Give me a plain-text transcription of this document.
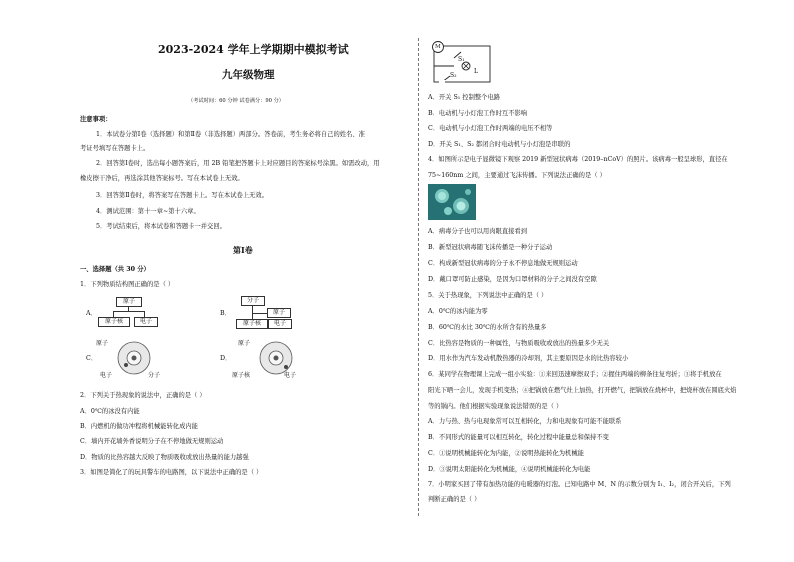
2023-2024 学年上学期期中模拟考试
九年级物理
（考试时间：60 分钟 试卷满分：90 分）
注意事项：
1．本试卷分第Ⅰ卷（选择题）和第Ⅱ卷（非选择题）两部分。答卷前，考生务必将自己的姓名、准
考证号填写在答题卡上。
2．回答第Ⅰ卷时，选出每小题答案后，用 2B 铅笔把答题卡上对应题目的答案标号涂黑。如需改动，用
橡皮擦干净后，再选涂其他答案标号。写在本试卷上无效。
3．回答第Ⅱ卷时，将答案写在答题卡上。写在本试卷上无效。
4．测试范围：第十一章~第十六章。
5．考试结束后，将本试卷和答题卡一并交回。
第Ⅰ卷
一、选择题（共 30 分）
1．下列物质结构图正确的是（ ）
A．
原子
原子核	电子
B．
分子
原子
原子核	电子
C．
原子
电子	分子
D．
原子
原子核	电子
2．下列关于热现象的说法中，正确的是（ ）
A．0℃的冰没有内能
B．内燃机的做功冲程将机械能转化成内能
C．墙内开花墙外香说明分子在不停地做无规则运动
D．物质的比热容越大反映了物质吸收或放出热量的能力越强
3．如图是简化了的玩具警车的电路图，以下说法中正确的是（ ）
M
S₁
S₂
L
A．开关 S₁ 控制整个电路
B．电动机与小灯泡工作时互不影响
C．电动机与小灯泡工作时两端的电压不相等
D．开关 S₁、S₂ 都闭合时电动机与小灯泡是串联的
4．如图所示是电子显微镜下观察 2019 新型冠状病毒（2019–nCoV）的照片。该病毒一般呈球形，直径在
75~160nm 之间，主要通过飞沫传播。下列说法正确的是（ ）
A．病毒分子也可以用肉眼直接看到
B．新型冠状病毒随飞沫传播是一种分子运动
C．构成新型冠状病毒的分子永不停息地做无规则运动
D．戴口罩可防止感染，是因为口罩材料的分子之间没有空隙
5．关于热现象，下列说法中正确的是（ ）
A．0℃的冰内能为零
B．60℃的水比 30℃的水所含有的热量多
C．比热容是物质的一种属性，与物质吸收或放出的热量多少无关
D．用水作为汽车发动机散热器的冷却剂，其主要原因是水的比热容较小
6．某同学在物理课上完成一组小实验：①来回迅速摩擦双手；②握住两端的柳条往复弯折；③将手机放在
阳光下晒一会儿，发现手机变热；④把锅放在燃气灶上加热，打开燃气，把锅放在烧杯中，把烧杯放在圆底火焰
等的锅内。他们根据实验现象说法错误的是（ ）
A．力与热、热与电现象常可以互相转化，力和电现象有可能不能联系
B．不同形式的能量可以相互转化，转化过程中能量总和保持不变
C．①说明机械能转化为内能，②说明热能转化为机械能
D．③说明太阳能转化为机械能，④说明机械能转化为电能
7．小明家买回了带有加热功能的电暖器的灯泡。已知电路中 M、N 的示数分别为 I₁、I₂，闭合开关后，下列
判断正确的是（ ）
